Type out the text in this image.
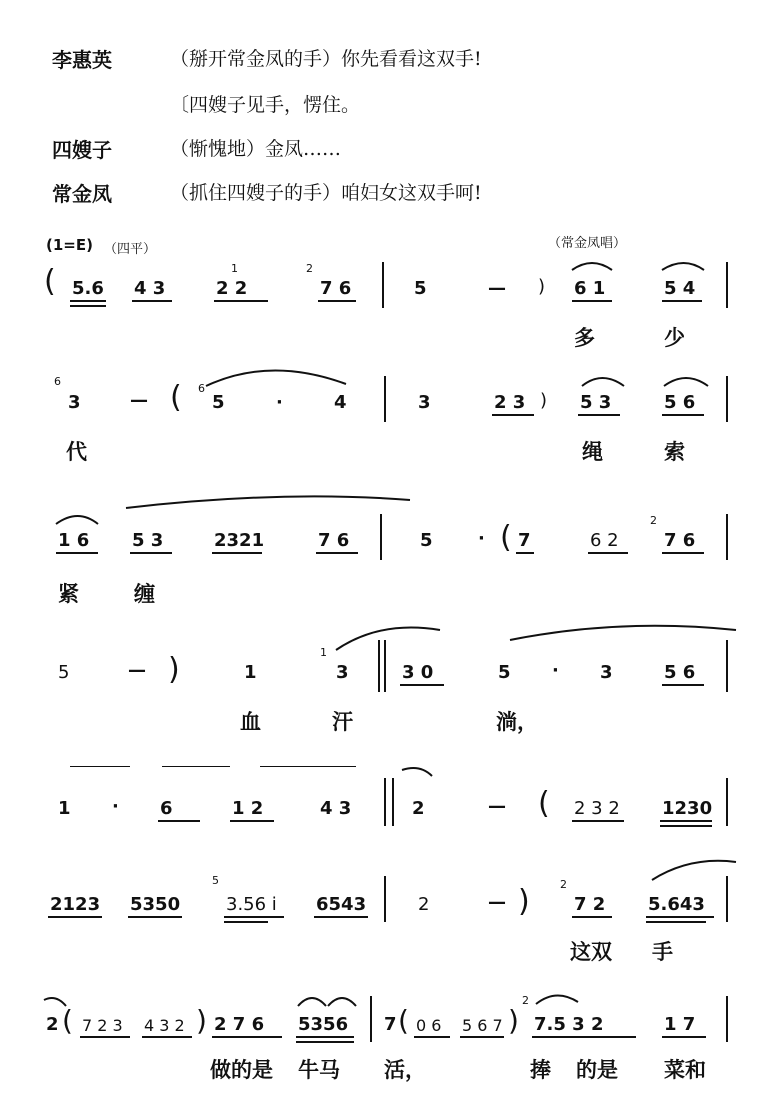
李惠英	（掰开常金凤的手）你先看看这双手!
〔四嫂子见手，愣住。
四嫂子	（惭愧地）金凤……
常金凤	（抓住四嫂子的手）咱妇女这双手呵!
(1=E) （四平）	（常金凤唱）
( 5.6 4 3	2 2
1
7 6
2
5	— ) 6 1	5 4
多	少
6
3	— ( 6
5	·	4	3	2 3 ) 5 3	5 6
代	绳	索
1 6 5 3	2321	7 6	5	· ( 7	6 2
2
7 6
紧	缠
5	— )	1
1
3	3 0	5 · 3	5 6
血	汗	淌，
1 · 6	1 2	4 3	2	— ( 2 3 2 1230
2123 5350
5
3.56 i 6543	2	— )	2
7 2 5.643
这双 手
2 ( 7 2 3 4 3 2 ) 2 7 6 5356 7 ( 0 6 5 6 7 )
2
7.5 3 2	1 7
做的是 牛马 活，	捧 的是 菜和
